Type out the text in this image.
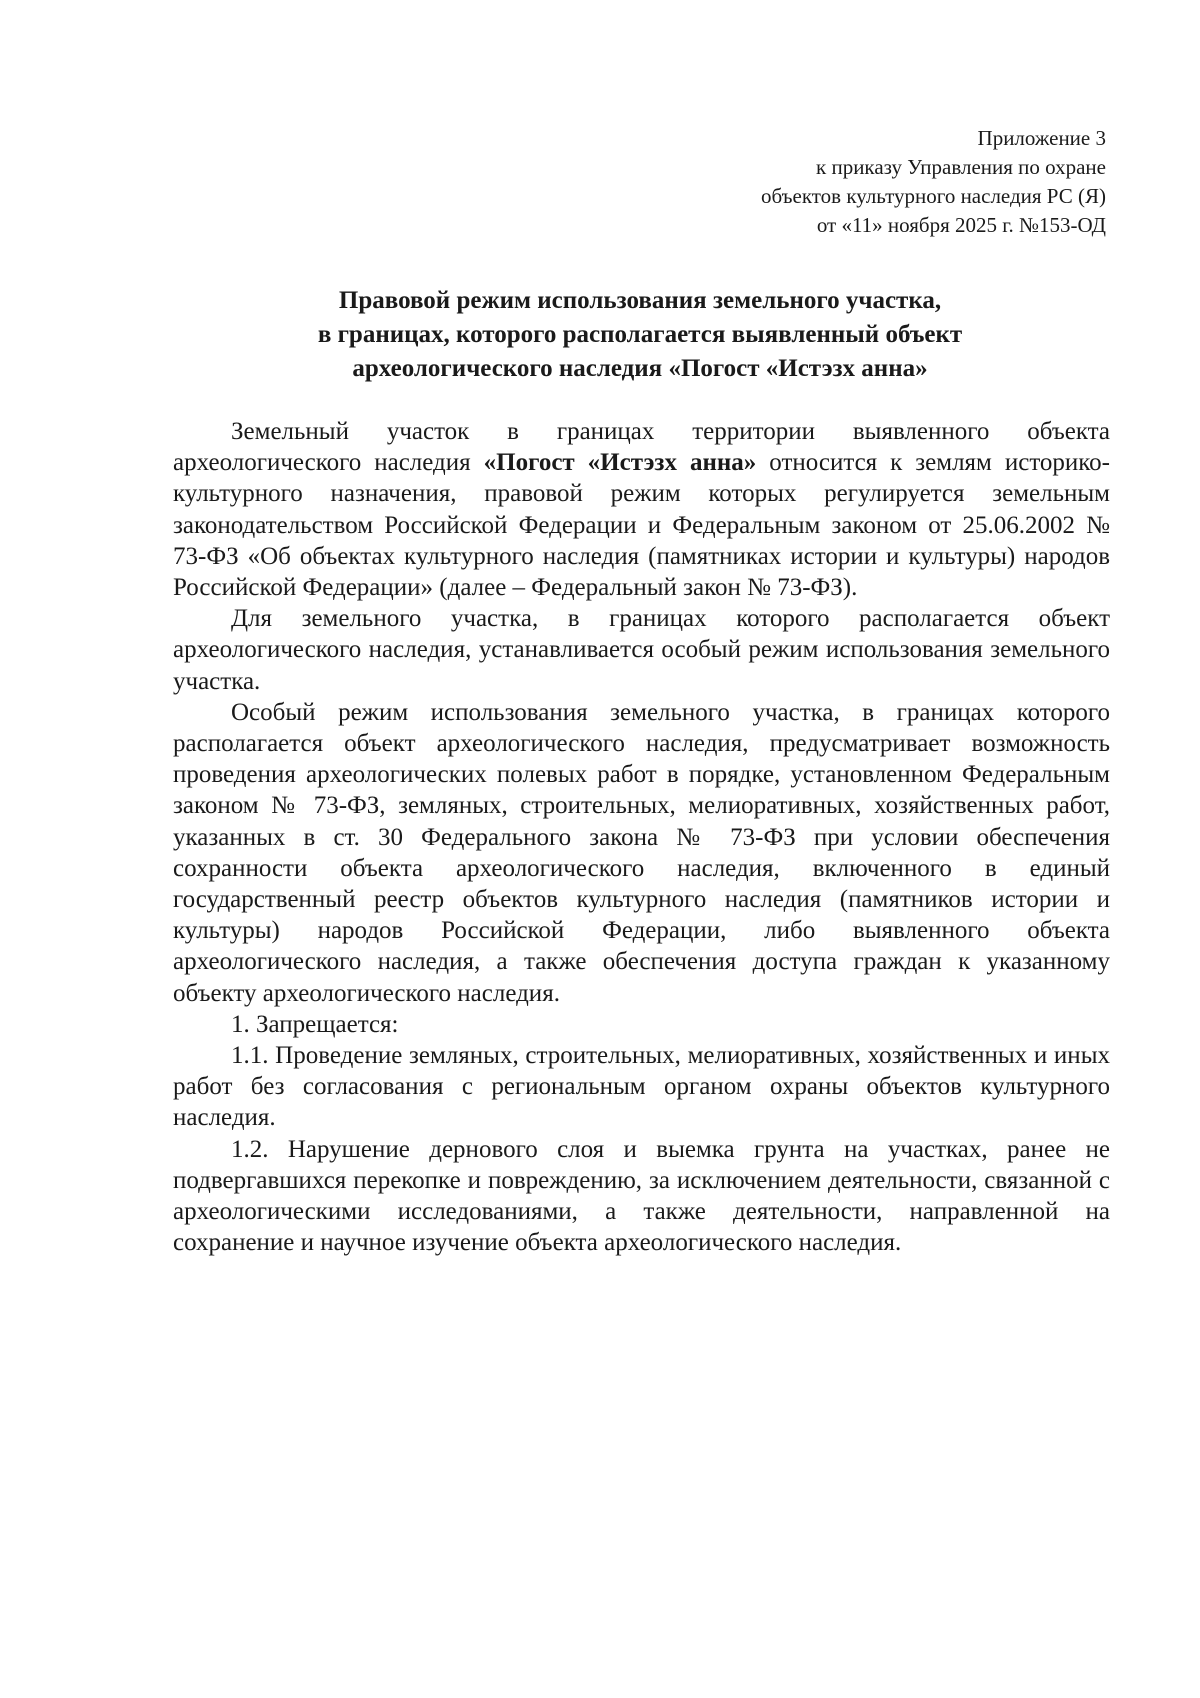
Приложение 3
к приказу Управления по охране
объектов культурного наследия РС (Я)
от «11» ноября 2025 г. №153-ОД
Правовой режим использования земельного участка,
в границах, которого располагается выявленный объект
археологического наследия «Погост «Истэзх анна»

Земельный участок в границах территории выявленного объекта археологического наследия «Погост «Истэзх анна» относится к землям историко-культурного назначения, правовой режим которых регулируется земельным законодательством Российской Федерации и Федеральным законом от 25.06.2002 № 73-ФЗ «Об объектах культурного наследия (памятниках истории и культуры) народов Российской Федерации» (далее – Федеральный закон № 73-ФЗ).

Для земельного участка, в границах которого располагается объект археологического наследия, устанавливается особый режим использования земельного участка.

Особый режим использования земельного участка, в границах которого располагается объект археологического наследия, предусматривает возможность проведения археологических полевых работ в порядке, установленном Федеральным законом № 73-ФЗ, земляных, строительных, мелиоративных, хозяйственных работ, указанных в ст. 30 Федерального закона № 73-ФЗ при условии обеспечения сохранности объекта археологического наследия, включенного в единый государственный реестр объектов культурного наследия (памятников истории и культуры) народов Российской Федерации, либо выявленного объекта археологического наследия, а также обеспечения доступа граждан к указанному объекту археологического наследия.

1. Запрещается:

1.1. Проведение земляных, строительных, мелиоративных, хозяйственных и иных работ без согласования с региональным органом охраны объектов культурного наследия.

1.2. Нарушение дернового слоя и выемка грунта на участках, ранее не подвергавшихся перекопке и повреждению, за исключением деятельности, связанной с археологическими исследованиями, а также деятельности, направленной на сохранение и научное изучение объекта археологического наследия.
